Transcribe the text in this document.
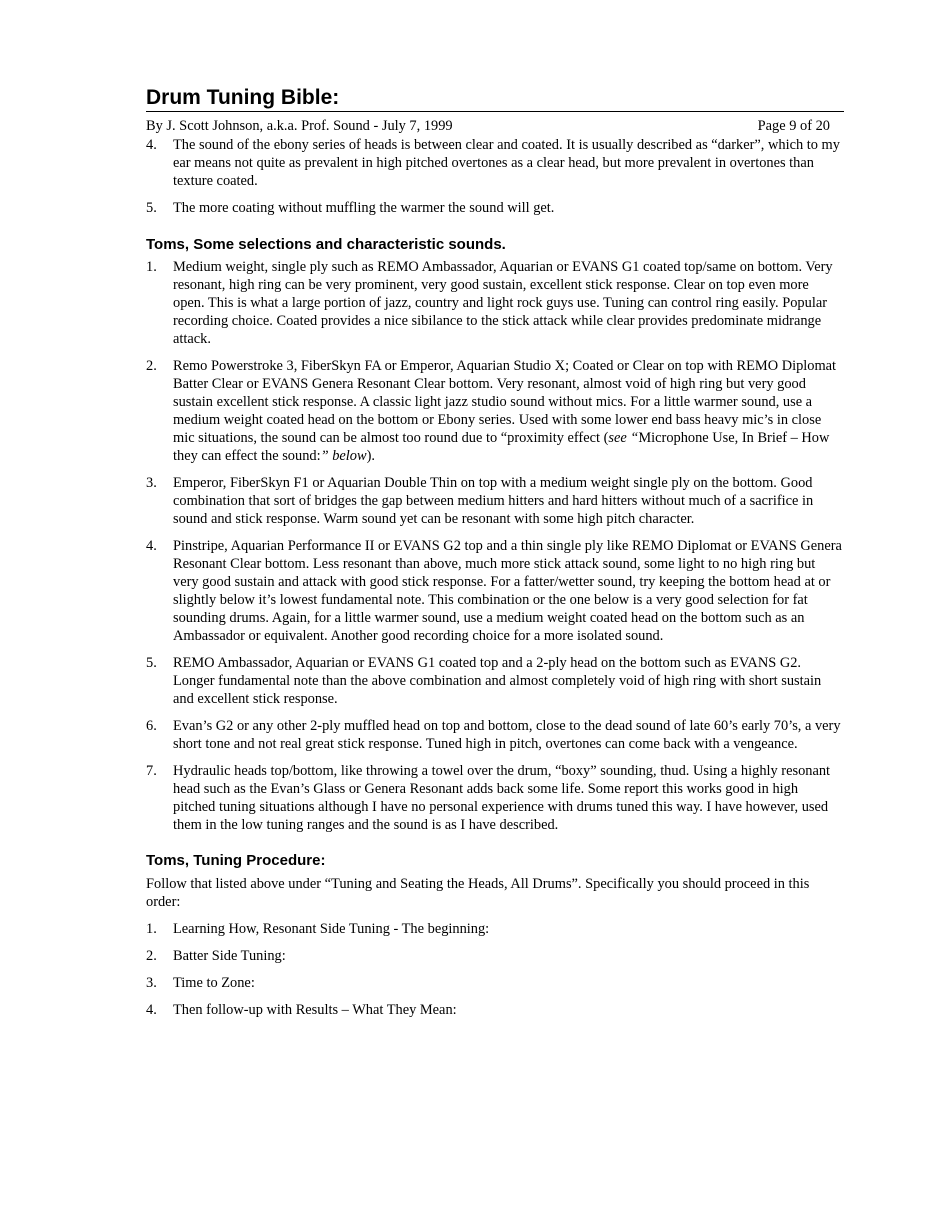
Drum Tuning Bible:
By J. Scott Johnson, a.k.a. Prof. Sound - July 7, 1999	Page 9 of 20
4. The sound of the ebony series of heads is between clear and coated. It is usually described as “darker”, which to my ear means not quite as prevalent in high pitched overtones as a clear head, but more prevalent in overtones than texture coated.
5. The more coating without muffling the warmer the sound will get.
Toms, Some selections and characteristic sounds.
1. Medium weight, single ply such as REMO Ambassador, Aquarian or EVANS G1 coated top/same on bottom. Very resonant, high ring can be very prominent, very good sustain, excellent stick response. Clear on top even more open. This is what a large portion of jazz, country and light rock guys use. Tuning can control ring easily. Popular recording choice. Coated provides a nice sibilance to the stick attack while clear provides predominate midrange attack.
2. Remo Powerstroke 3, FiberSkyn FA or Emperor, Aquarian Studio X; Coated or Clear on top with REMO Diplomat Batter Clear or EVANS Genera Resonant Clear bottom. Very resonant, almost void of high ring but very good sustain excellent stick response. A classic light jazz studio sound without mics. For a little warmer sound, use a medium weight coated head on the bottom or Ebony series. Used with some lower end bass heavy mic’s in close mic situations, the sound can be almost too round due to “proximity effect (see “Microphone Use, In Brief – How they can effect the sound:” below).
3. Emperor, FiberSkyn F1 or Aquarian Double Thin on top with a medium weight single ply on the bottom. Good combination that sort of bridges the gap between medium hitters and hard hitters without much of a sacrifice in sound and stick response. Warm sound yet can be resonant with some high pitch character.
4. Pinstripe, Aquarian Performance II or EVANS G2 top and a thin single ply like REMO Diplomat or EVANS Genera Resonant Clear bottom. Less resonant than above, much more stick attack sound, some light to no high ring but very good sustain and attack with good stick response. For a fatter/wetter sound, try keeping the bottom head at or slightly below it’s lowest fundamental note. This combination or the one below is a very good selection for fat sounding drums. Again, for a little warmer sound, use a medium weight coated head on the bottom such as an Ambassador or equivalent. Another good recording choice for a more isolated sound.
5. REMO Ambassador, Aquarian or EVANS G1 coated top and a 2-ply head on the bottom such as EVANS G2. Longer fundamental note than the above combination and almost completely void of high ring with short sustain and excellent stick response.
6. Evan’s G2 or any other 2-ply muffled head on top and bottom, close to the dead sound of late 60’s early 70’s, a very short tone and not real great stick response. Tuned high in pitch, overtones can come back with a vengeance.
7. Hydraulic heads top/bottom, like throwing a towel over the drum, “boxy” sounding, thud. Using a highly resonant head such as the Evan’s Glass or Genera Resonant adds back some life. Some report this works good in high pitched tuning situations although I have no personal experience with drums tuned this way. I have however, used them in the low tuning ranges and the sound is as I have described.
Toms, Tuning Procedure:

Follow that listed above under “Tuning and Seating the Heads, All Drums”. Specifically you should proceed in this order:

1. Learning How, Resonant Side Tuning - The beginning:
2. Batter Side Tuning:
3. Time to Zone:
4. Then follow-up with Results – What They Mean:
